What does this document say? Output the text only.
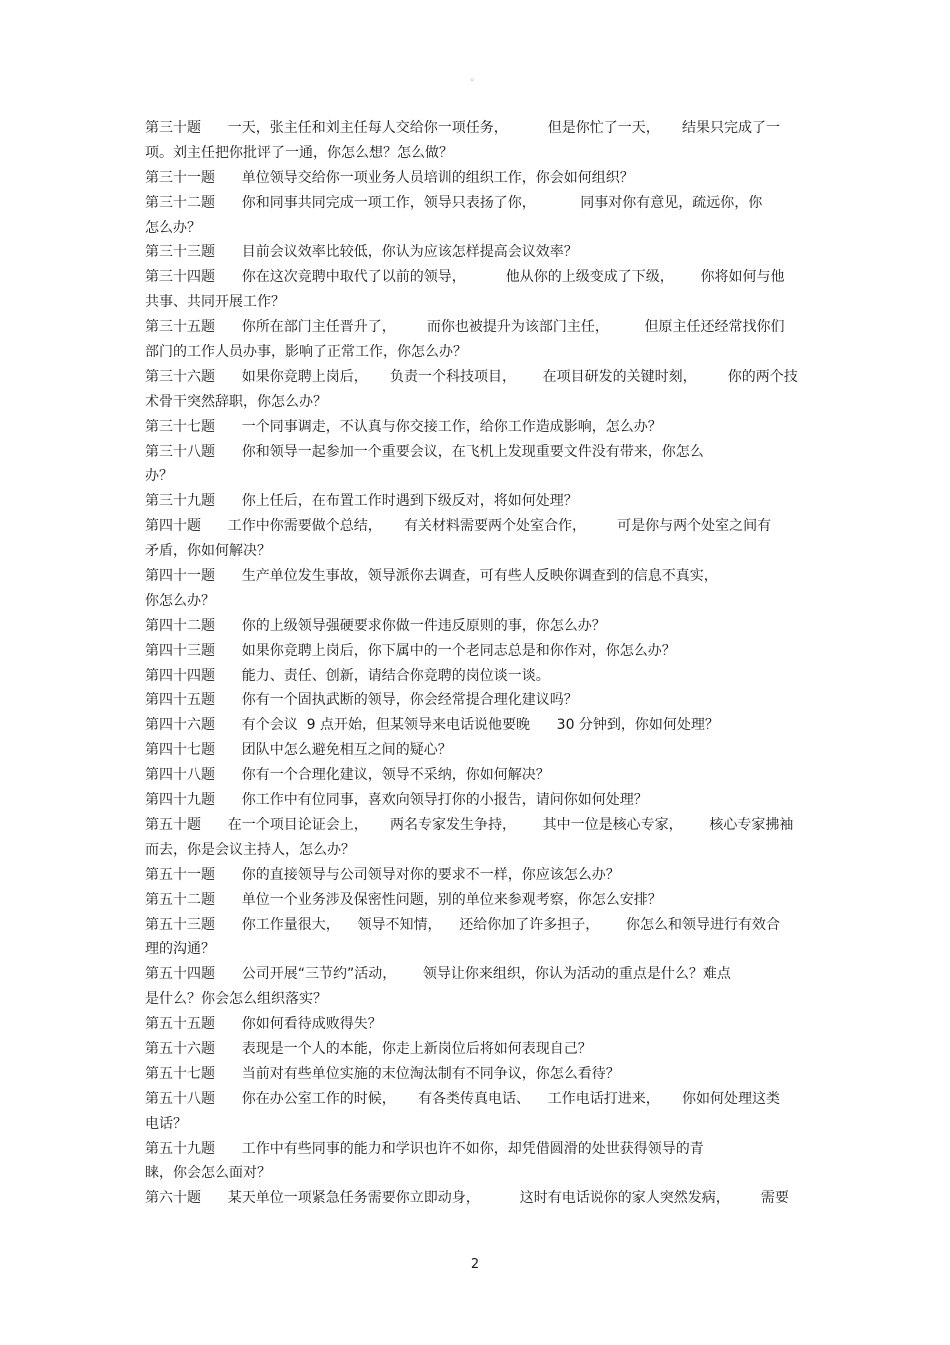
。
第三十题      一天，张主任和刘主任每人交给你一项任务，         但是你忙了一天，     结果只完成了一
项。刘主任把你批评了一通，你怎么想？怎么做？
第三十一题      单位领导交给你一项业务人员培训的组织工作，你会如何组织？
第三十二题      你和同事共同完成一项工作，领导只表扬了你，          同事对你有意见，疏远你，你
怎么办？
第三十三题      目前会议效率比较低，你认为应该怎样提高会议效率？
第三十四题      你在这次竞聘中取代了以前的领导，         他从你的上级变成了下级，      你将如何与他
共事、共同开展工作？
第三十五题      你所在部门主任晋升了，       而你也被提升为该部门主任，        但原主任还经常找你们
部门的工作人员办事，影响了正常工作，你怎么办？
第三十六题      如果你竞聘上岗后，     负责一个科技项目，      在项目研发的关键时刻，       你的两个技
术骨干突然辞职，你怎么办？
第三十七题      一个同事调走，不认真与你交接工作，给你工作造成影响，怎么办？
第三十八题      你和领导一起参加一个重要会议，在飞机上发现重要文件没有带来，你怎么
办？
第三十九题      你上任后，在布置工作时遇到下级反对，将如何处理？
第四十题      工作中你需要做个总结，     有关材料需要两个处室合作，       可是你与两个处室之间有
矛盾，你如何解决？
第四十一题      生产单位发生事故，领导派你去调查，可有些人反映你调查到的信息不真实，
你怎么办？
第四十二题      你的上级领导强硬要求你做一件违反原则的事，你怎么办？
第四十三题      如果你竞聘上岗后，你下属中的一个老同志总是和你作对，你怎么办？
第四十四题      能力、责任、创新，请结合你竞聘的岗位谈一谈。
第四十五题      你有一个固执武断的领导，你会经常提合理化建议吗？
第四十六题      有个会议  9 点开始，但某领导来电话说他要晚      30 分钟到，你如何处理？
第四十七题      团队中怎么避免相互之间的疑心？
第四十八题      你有一个合理化建议，领导不采纳，你如何解决？
第四十九题      你工作中有位同事，喜欢向领导打你的小报告，请问你如何处理？
第五十题      在一个项目论证会上，     两名专家发生争持，      其中一位是核心专家，      核心专家拂袖
而去，你是会议主持人，怎么办？
第五十一题      你的直接领导与公司领导对你的要求不一样，你应该怎么办？
第五十二题      单位一个业务涉及保密性问题，别的单位来参观考察，你怎么安排？
第五十三题      你工作量很大，    领导不知情，    还给你加了许多担子，      你怎么和领导进行有效合
理的沟通？
第五十四题      公司开展“三节约”活动，      领导让你来组织，你认为活动的重点是什么？难点
是什么？你会怎么组织落实？
第五十五题      你如何看待成败得失？
第五十六题      表现是一个人的本能，你走上新岗位后将如何表现自己？
第五十七题      当前对有些单位实施的末位淘汰制有不同争议，你怎么看待？
第五十八题      你在办公室工作的时候，     有各类传真电话、    工作电话打进来，     你如何处理这类
电话？
第五十九题      工作中有些同事的能力和学识也许不如你，却凭借圆滑的处世获得领导的青
睐，你会怎么面对？
第六十题      某天单位一项紧急任务需要你立即动身，         这时有电话说你的家人突然发病，       需要
2
